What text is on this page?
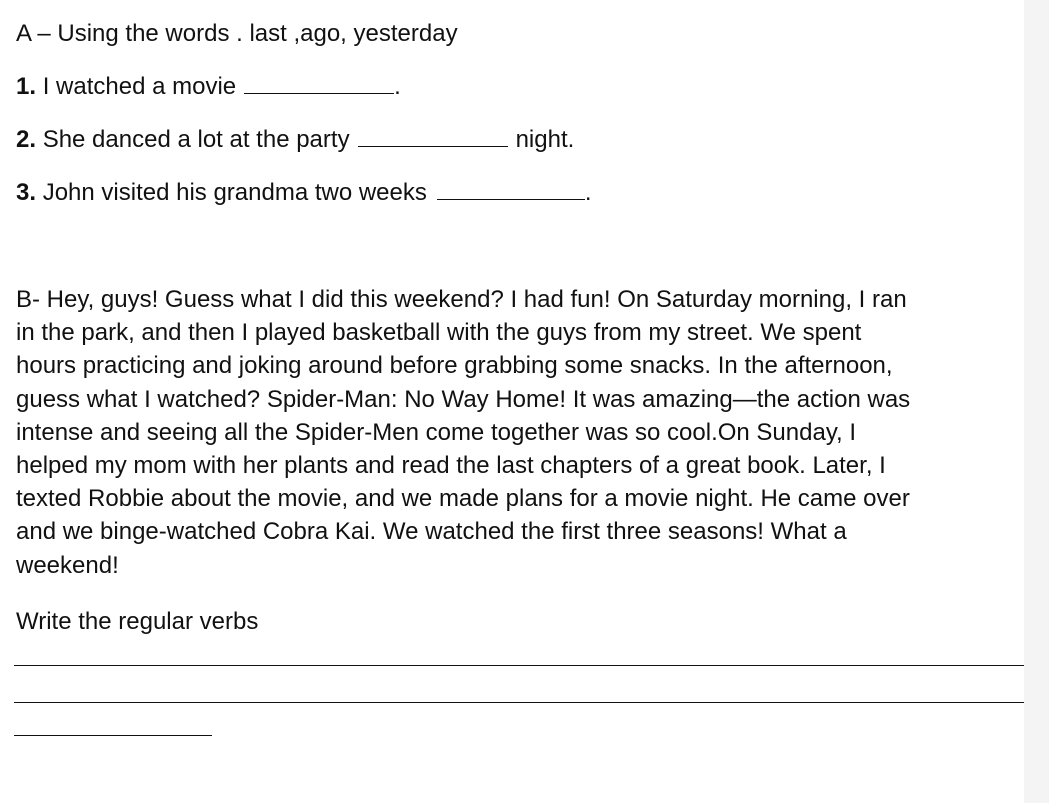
A – Using the words . last ,ago, yesterday
1. I watched a movie	.
2. She danced a lot at the party	night.
3. John visited his grandma two weeks	.
B- Hey, guys! Guess what I did this weekend? I had fun! On Saturday morning, I ran
in the park, and then I played basketball with the guys from my street. We spent
hours practicing and joking around before grabbing some snacks. In the afternoon,
guess what I watched? Spider-Man: No Way Home! It was amazing—the action was
intense and seeing all the Spider-Men come together was so cool.On Sunday, I
helped my mom with her plants and read the last chapters of a great book. Later, I
texted Robbie about the movie, and we made plans for a movie night. He came over
and we binge-watched Cobra Kai. We watched the first three seasons! What a
weekend!
Write the regular verbs
